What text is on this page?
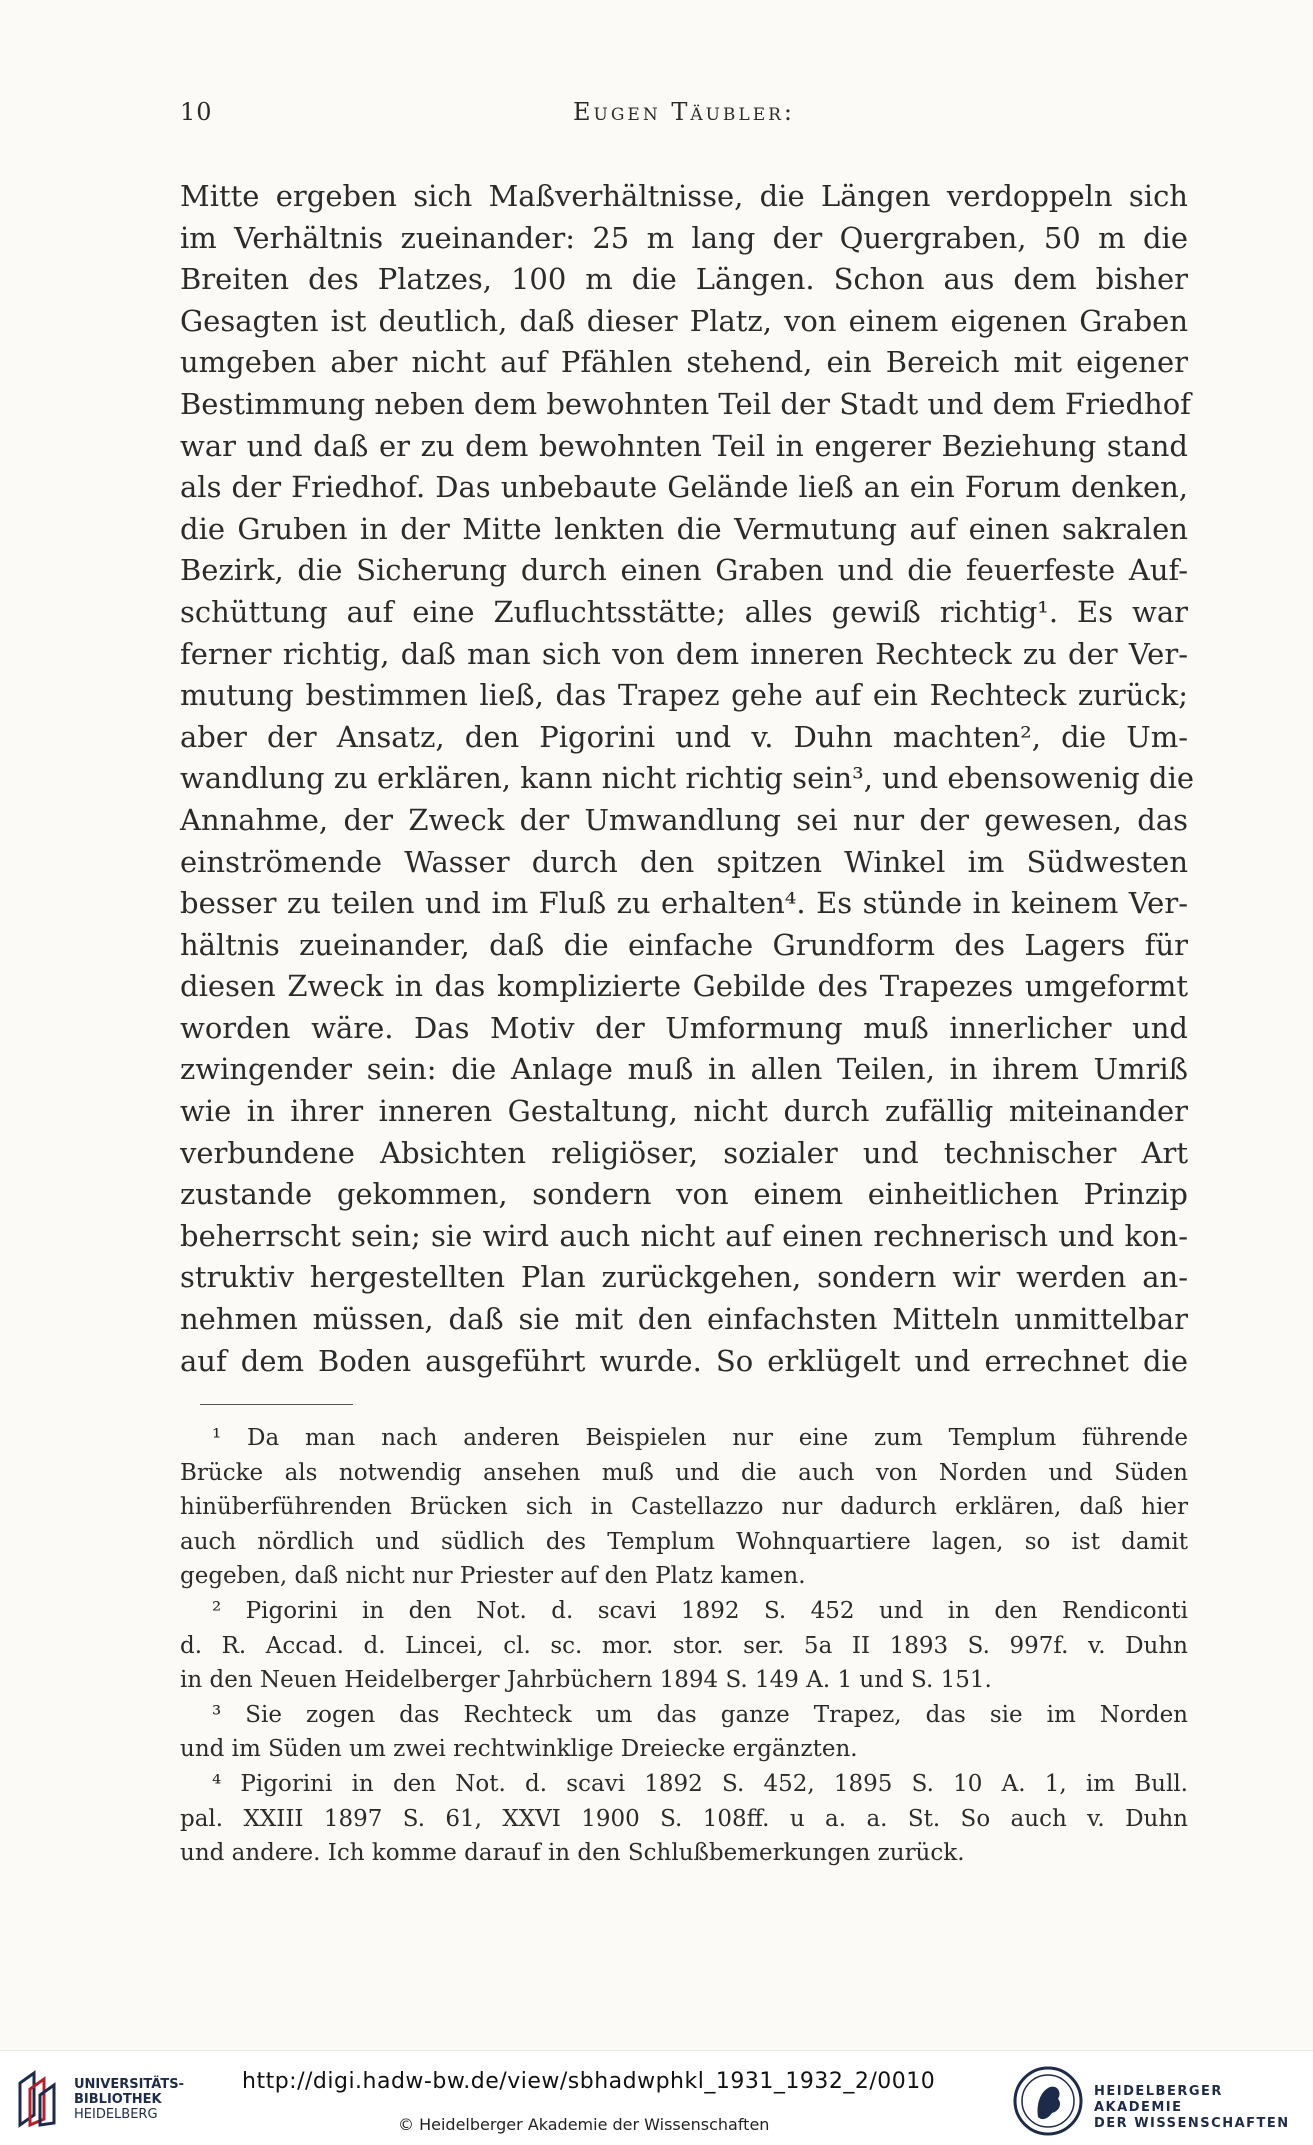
10	Eugen Täubler:
Mitte ergeben sich Maßverhältnisse, die Längen verdoppeln sich
im Verhältnis zueinander: 25 m lang der Quergraben, 50 m die
Breiten des Platzes, 100 m die Längen. Schon aus dem bisher
Gesagten ist deutlich, daß dieser Platz, von einem eigenen Graben
umgeben aber nicht auf Pfählen stehend, ein Bereich mit eigener
Bestimmung neben dem bewohnten Teil der Stadt und dem Friedhof
war und daß er zu dem bewohnten Teil in engerer Beziehung stand
als der Friedhof. Das unbebaute Gelände ließ an ein Forum denken,
die Gruben in der Mitte lenkten die Vermutung auf einen sakralen
Bezirk, die Sicherung durch einen Graben und die feuerfeste Auf-
schüttung auf eine Zufluchtsstätte; alles gewiß richtig¹. Es war
ferner richtig, daß man sich von dem inneren Rechteck zu der Ver-
mutung bestimmen ließ, das Trapez gehe auf ein Rechteck zurück;
aber der Ansatz, den Pigorini und v. Duhn machten², die Um-
wandlung zu erklären, kann nicht richtig sein³, und ebensowenig die
Annahme, der Zweck der Umwandlung sei nur der gewesen, das
einströmende Wasser durch den spitzen Winkel im Südwesten
besser zu teilen und im Fluß zu erhalten⁴. Es stünde in keinem Ver-
hältnis zueinander, daß die einfache Grundform des Lagers für
diesen Zweck in das komplizierte Gebilde des Trapezes umgeformt
worden wäre. Das Motiv der Umformung muß innerlicher und
zwingender sein: die Anlage muß in allen Teilen, in ihrem Umriß
wie in ihrer inneren Gestaltung, nicht durch zufällig miteinander
verbundene Absichten religiöser, sozialer und technischer Art
zustande gekommen, sondern von einem einheitlichen Prinzip
beherrscht sein; sie wird auch nicht auf einen rechnerisch und kon-
struktiv hergestellten Plan zurückgehen, sondern wir werden an-
nehmen müssen, daß sie mit den einfachsten Mitteln unmittelbar
auf dem Boden ausgeführt wurde. So erklügelt und errechnet die
¹ Da man nach anderen Beispielen nur eine zum Templum führende
Brücke als notwendig ansehen muß und die auch von Norden und Süden
hinüberführenden Brücken sich in Castellazzo nur dadurch erklären, daß hier
auch nördlich und südlich des Templum Wohnquartiere lagen, so ist damit
gegeben, daß nicht nur Priester auf den Platz kamen.
² Pigorini in den Not. d. scavi 1892 S. 452 und in den Rendiconti
d. R. Accad. d. Lincei, cl. sc. mor. stor. ser. 5a II 1893 S. 997f. v. Duhn
in den Neuen Heidelberger Jahrbüchern 1894 S. 149 A. 1 und S. 151.
³ Sie zogen das Rechteck um das ganze Trapez, das sie im Norden
und im Süden um zwei rechtwinklige Dreiecke ergänzten.
⁴ Pigorini in den Not. d. scavi 1892 S. 452, 1895 S. 10 A. 1, im Bull.
pal. XXIII 1897 S. 61, XXVI 1900 S. 108ff. u a. a. St. So auch v. Duhn
und andere. Ich komme darauf in den Schlußbemerkungen zurück.
UNIVERSITÄTS-
BIBLIOTHEK
HEIDELBERG
http://digi.hadw-bw.de/view/sbhadwphkl_1931_1932_2/0010
© Heidelberger Akademie der Wissenschaften
HEIDELBERGER AKADEMIE
DER WISSENSCHAFTEN
